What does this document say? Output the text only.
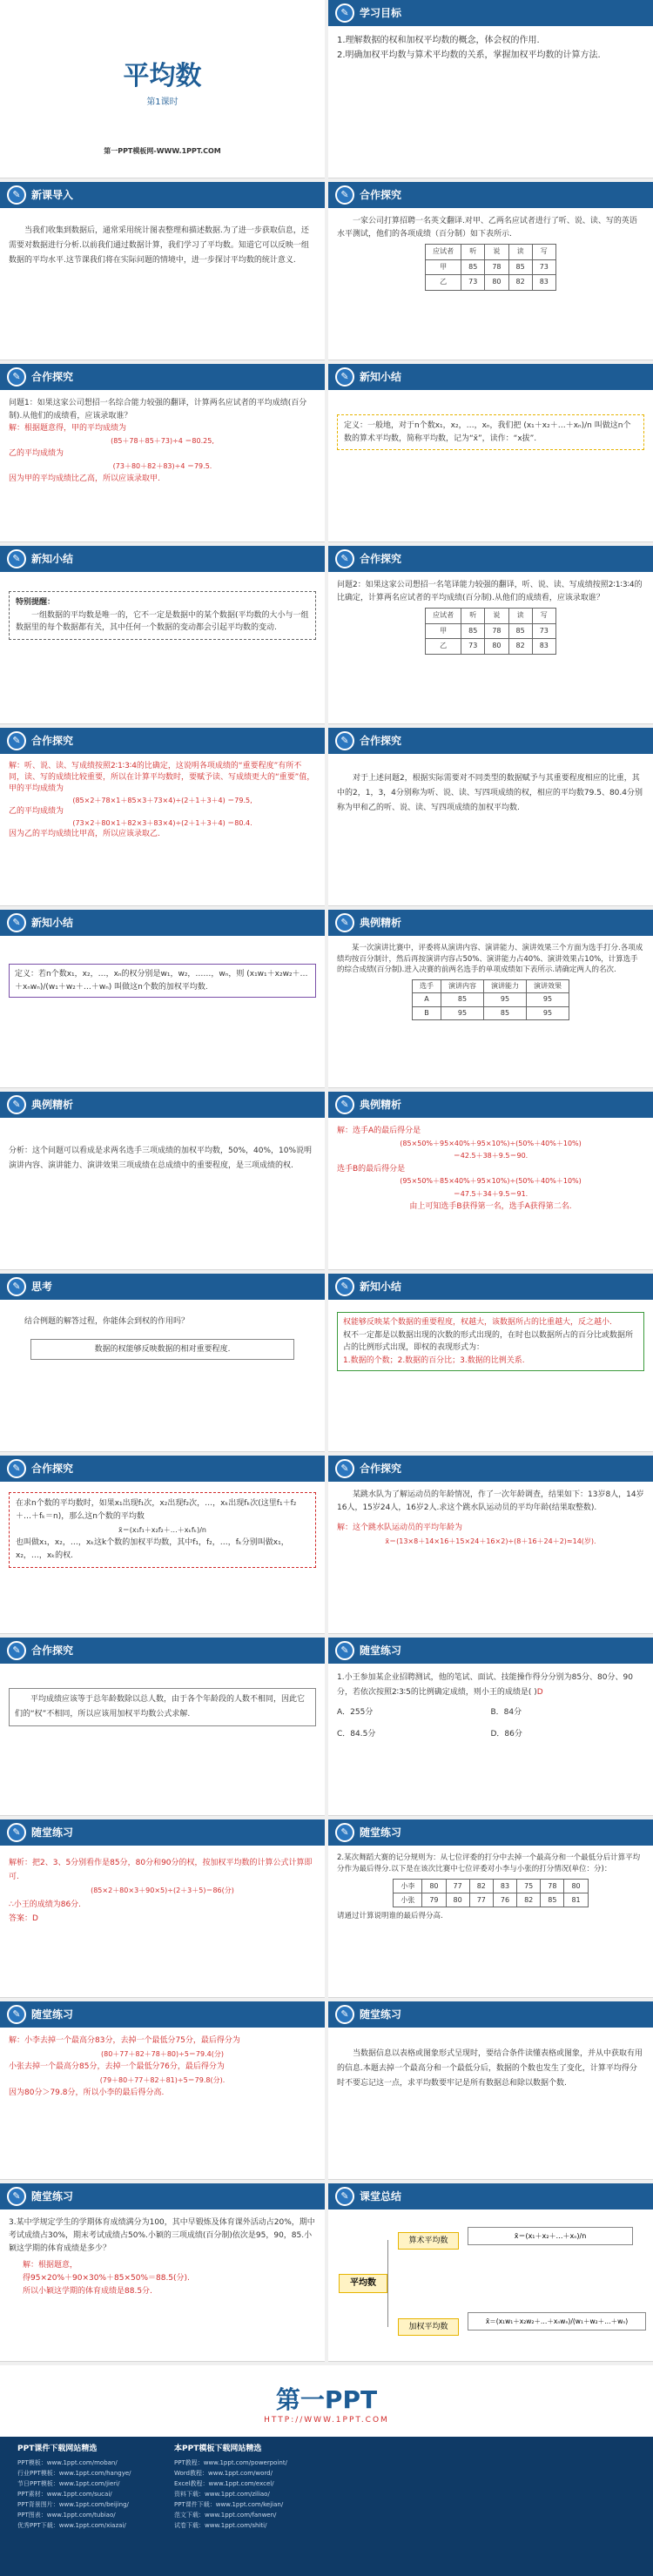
平均数
第1课时
第一PPT模板网-WWW.1PPT.COM
✎	学习目标

1.理解数据的权和加权平均数的概念，体会权的作用.

2.明确加权平均数与算术平均数的关系，掌握加权平均数的计算方法.

✎	新课导入

当我们收集到数据后，通常采用统计图表整理和描述数据.为了进一步获取信息，还需要对数据进行分析.以前我们通过数据计算，我们学习了平均数。知道它可以反映一组数据的平均水平.这节课我们将在实际问题的情境中，进一步探讨平均数的统计意义.

✎	合作探究

一家公司打算招聘一名英文翻译.对甲、乙两名应试者进行了听、说、读、写的英语水平测试，他们的各项成绩（百分制）如下表所示.

应试者	听	说	读	写
甲	85	78	85	73
乙	73	80	82	83
✎	合作探究

问题1：如果这家公司想招一名综合能力较强的翻译，计算两名应试者的平均成绩(百分制).从他们的成绩看，应该录取谁？

解：根据题意得，甲的平均成绩为

(85＋78＋85＋73)÷4 ＝80.25,

乙的平均成绩为

(73＋80＋82＋83)÷4 ＝79.5.

因为甲的平均成绩比乙高，所以应该录取甲.

✎	新知小结

定义：一般地，对于n个数x₁，x₂，…，xₙ，我们把 (x₁＋x₂＋…＋xₙ)/n 叫做这n个数的算术平均数，简称平均数，记为“x̄”，读作：“x拔”.

✎	新知小结

特别提醒：

一组数据的平均数是唯一的，它不一定是数据中的某个数据(平均数的大小与一组数据里的每个数据都有关，其中任何一个数据的变动都会引起平均数的变动.

✎	合作探究

问题2：如果这家公司想招一名笔译能力较强的翻译，听、说、读、写成绩按照2∶1∶3∶4的比确定，计算两名应试者的平均成绩(百分制).从他们的成绩看，应该录取谁？

应试者	听	说	读	写
甲	85	78	85	73
乙	73	80	82	83
✎	合作探究

解：听、说、读、写成绩按照2∶1∶3∶4的比确定，这说明各项成绩的“重要程度”有所不同，读、写的成绩比较重要，所以在计算平均数时，要赋予读、写成绩更大的“重要”值，甲的平均成绩为

(85×2＋78×1＋85×3＋73×4)÷(2＋1＋3＋4) ＝79.5,

乙的平均成绩为

(73×2＋80×1＋82×3＋83×4)÷(2＋1＋3＋4) ＝80.4.

因为乙的平均成绩比甲高，所以应该录取乙.

✎	合作探究

对于上述问题2，根据实际需要对不同类型的数据赋予与其重要程度相应的比重，其中的2，1，3，4分别称为听、说、读、写四项成绩的权，相应的平均数79.5、80.4分别称为甲和乙的听、说、读、写四项成绩的加权平均数.

✎	新知小结

定义：若n个数x₁，x₂，…，xₙ的权分别是w₁，w₂，……，wₙ，则 (x₁w₁＋x₂w₂＋…＋xₙwₙ)/(w₁＋w₂＋…＋wₙ) 叫做这n个数的加权平均数.

✎	典例精析

某一次演讲比赛中，评委将从演讲内容、演讲能力、演讲效果三个方面为选手打分.各项成绩均按百分制计，然后再按演讲内容占50%、演讲能力占40%、演讲效果占10%，计算选手的综合成绩(百分制).进入决赛的前两名选手的单项成绩如下表所示.请确定两人的名次.

选手	演讲内容	演讲能力	演讲效果
A	85	95	95
B	95	85	95
✎	典例精析

分析：这个问题可以看成是求两名选手三项成绩的加权平均数，50%，40%，10%说明演讲内容、演讲能力、演讲效果三项成绩在总成绩中的重要程度，是三项成绩的权.

✎	典例精析

解：选手A的最后得分是

(85×50%＋95×40%＋95×10%)÷(50%＋40%＋10%)

＝42.5＋38＋9.5＝90.

选手B的最后得分是

(95×50%＋85×40%＋95×10%)÷(50%＋40%＋10%)

＝47.5＋34＋9.5＝91.

由上可知选手B获得第一名，选手A获得第二名.

✎	思考

结合例题的解答过程，你能体会到权的作用吗？

数据的权能够反映数据的相对重要程度.

✎	新知小结

权能够反映某个数据的重要程度，权越大，该数据所占的比重越大，反之越小.

权不一定都是以数据出现的次数的形式出现的，在时也以数据所占的百分比或数据所占的比例形式出现，即权的表现形式为：

1.数据的个数；2.数据的百分比；3.数据的比例关系.

✎	合作探究

在求n个数的平均数时，如果x₁出现f₁次，x₂出现f₂次，…，xₖ出现fₖ次(这里f₁＋f₂＋…＋fₖ＝n)，那么这n个数的平均数

x̄＝(x₁f₁＋x₂f₂＋…＋xₖfₖ)/n

也叫做x₁，x₂，…，xₖ这k个数的加权平均数，其中f₁，f₂，…，fₖ分别叫做x₁，x₂，…，xₖ的权.

✎	合作探究

某跳水队为了解运动员的年龄情况，作了一次年龄调查，结果如下：13岁8人，14岁16人，15岁24人，16岁2人.求这个跳水队运动员的平均年龄(结果取整数).

解：这个跳水队运动员的平均年龄为

x̄＝(13×8＋14×16＋15×24＋16×2)÷(8＋16＋24＋2)≈14(岁).

✎	合作探究

平均成绩应该等于总年龄数除以总人数，由于各个年龄段的人数不相同，因此它们的“权”不相同，所以应该用加权平均数公式求解.

✎	随堂练习

1.小王参加某企业招聘测试，他的笔试、面试、技能操作得分分别为85分、80分、90分，若依次按照2∶3∶5的比例确定成绩，则小王的成绩是( )D

A．255分	B．84分
C．84.5分	D．86分
✎	随堂练习

解析：把2、3、5分别看作是85分，80分和90分的权，按加权平均数的计算公式计算即可.

(85×2＋80×3＋90×5)÷(2＋3＋5)＝86(分)

∴小王的成绩为86分.

答案：D

✎	随堂练习

2.某次舞蹈大赛的记分规则为：从七位评委的打分中去掉一个最高分和一个最低分后计算平均分作为最后得分.以下是在该次比赛中七位评委对小李与小张的打分情况(单位：分)：

小李	80	77	82	83	75	78	80
小张	79	80	77	76	82	85	81

请通过计算说明谁的最后得分高.

✎	随堂练习

解：小李去掉一个最高分83分，去掉一个最低分75分，最后得分为

(80＋77＋82＋78＋80)÷5＝79.4(分)

小张去掉一个最高分85分，去掉一个最低分76分，最后得分为

(79＋80＋77＋82＋81)÷5＝79.8(分).

因为80分＞79.8分，所以小李的最后得分高.

✎	随堂练习

当数据信息以表格或图象形式呈现时，要结合条件读懂表格或图象，并从中获取有用的信息.本题去掉一个最高分和一个最低分后，数据的个数也发生了变化，计算平均得分时不要忘记这一点，求平均数要牢记是所有数据总和除以数据个数.

✎	随堂练习

3.某中学规定学生的学期体育成绩满分为100，其中早锻炼及体育课外活动占20%，期中考试成绩占30%，期末考试成绩占50%.小颖的三项成绩(百分制)依次是95，90，85.小颖这学期的体育成绩是多少？

解：根据题意，

得95×20%＋90×30%＋85×50%＝88.5(分).

所以小颖这学期的体育成绩是88.5分.

✎	课堂总结
平均数
算术平均数
加权平均数
x̄＝(x₁＋x₂＋…＋xₙ)/n
x̄＝(x₁w₁＋x₂w₂＋…＋xₙwₙ)/(w₁＋w₂＋…＋wₙ)
第一PPT
HTTP://WWW.1PPT.COM
PPT课件下载网站精选	本PPT模板下载网站精选
PPT模板：www.1ppt.com/moban/
行业PPT模板：www.1ppt.com/hangye/
节日PPT模板：www.1ppt.com/jieri/
PPT素材：www.1ppt.com/sucai/
PPT背景图片：www.1ppt.com/beijing/
PPT图表：www.1ppt.com/tubiao/
优秀PPT下载：www.1ppt.com/xiazai/
PPT教程：www.1ppt.com/powerpoint/
Word教程：www.1ppt.com/word/
Excel教程：www.1ppt.com/excel/
资料下载：www.1ppt.com/ziliao/
PPT课件下载：www.1ppt.com/kejian/
范文下载：www.1ppt.com/fanwen/
试卷下载：www.1ppt.com/shiti/
